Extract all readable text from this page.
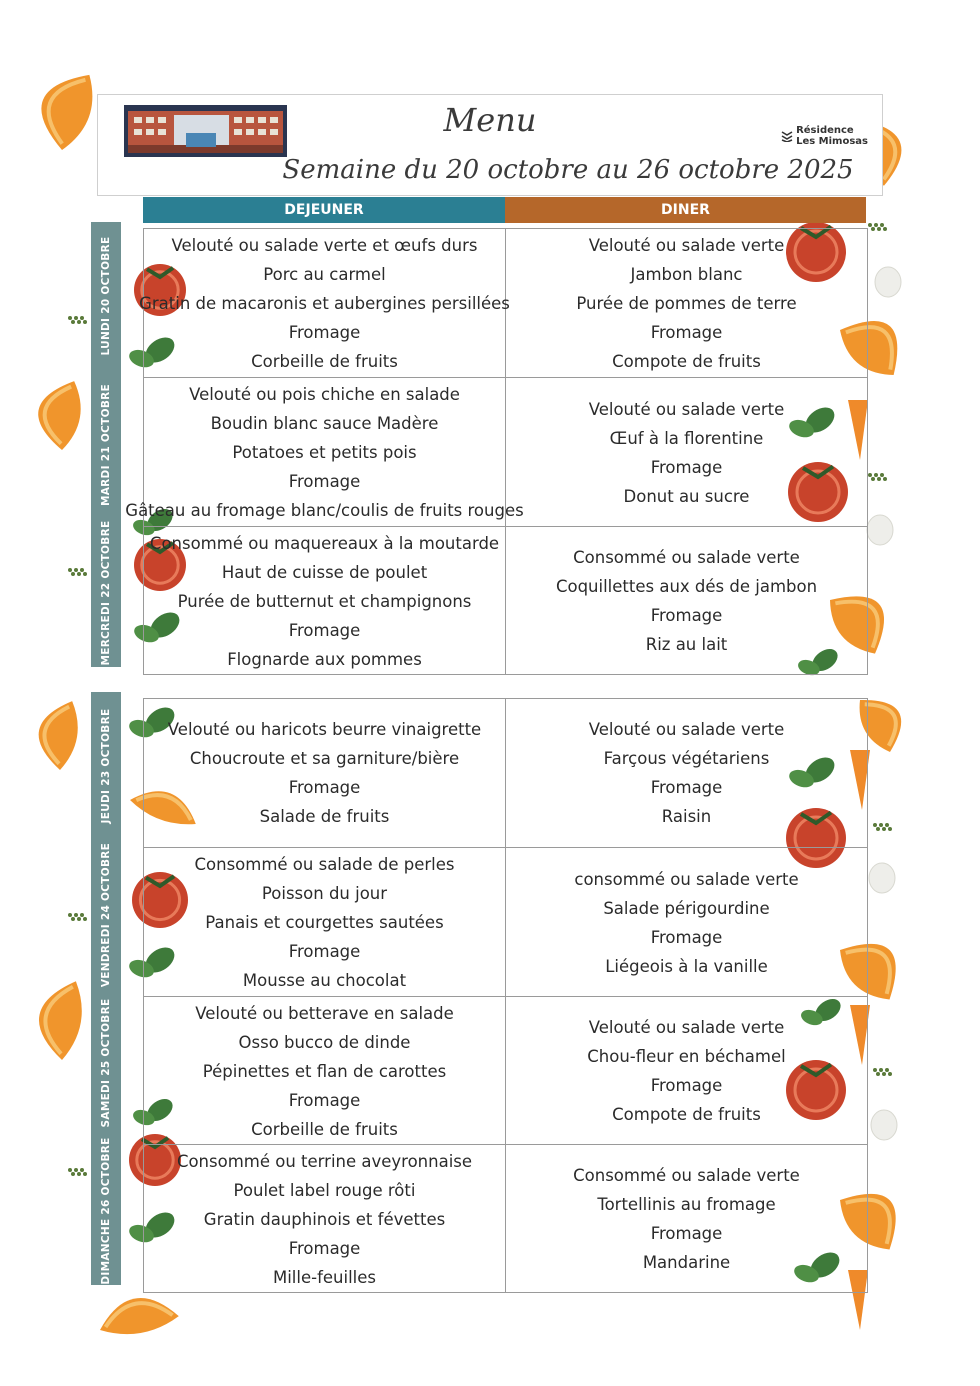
Menu
Semaine du 20 octobre au 26 octobre 2025
Résidence
Les Mimosas
DEJEUNER	DINER
Velouté ou salade verte et œufs durs
Porc au carmel
Gratin de macaronis et aubergines persillées
Fromage
Corbeille de fruits
Velouté ou salade verte
Jambon blanc
Purée de pommes de terre
Fromage
Compote de fruits
Velouté ou pois chiche en salade
Boudin blanc sauce Madère
Potatoes et petits pois
Fromage
Gâteau au fromage blanc/coulis de fruits rouges
Velouté ou salade verte
Œuf à la florentine
Fromage
Donut au sucre
Consommé ou maquereaux à la moutarde
Haut de cuisse de poulet
Purée de butternut et champignons
Fromage
Flognarde aux pommes
Consommé ou salade verte
Coquillettes aux dés de jambon
Fromage
Riz au lait
Velouté ou haricots beurre vinaigrette
Choucroute et sa garniture/bière
Fromage
Salade de fruits
Velouté ou salade verte
Farçous végétariens
Fromage
Raisin
Consommé ou salade de perles
Poisson du jour
Panais et courgettes sautées
Fromage
Mousse au chocolat
consommé ou salade verte
Salade périgourdine
Fromage
Liégeois à la vanille
Velouté ou betterave en salade
Osso bucco de dinde
Pépinettes et flan de carottes
Fromage
Corbeille de fruits
Velouté ou salade verte
Chou-fleur en béchamel
Fromage
Compote de fruits
Consommé ou terrine aveyronnaise
Poulet label rouge rôti
Gratin dauphinois et févettes
Fromage
Mille-feuilles
Consommé ou salade verte
Tortellinis au fromage
Fromage
Mandarine
LUNDI 20 OCTOBRE
MARDI 21 OCTOBRE
MERCREDI 22 OCTOBRE
JEUDI 23 OCTOBRE
VENDREDI 24 OCTOBRE
SAMEDI 25 OCTOBRE
DIMANCHE 26 OCTOBRE
